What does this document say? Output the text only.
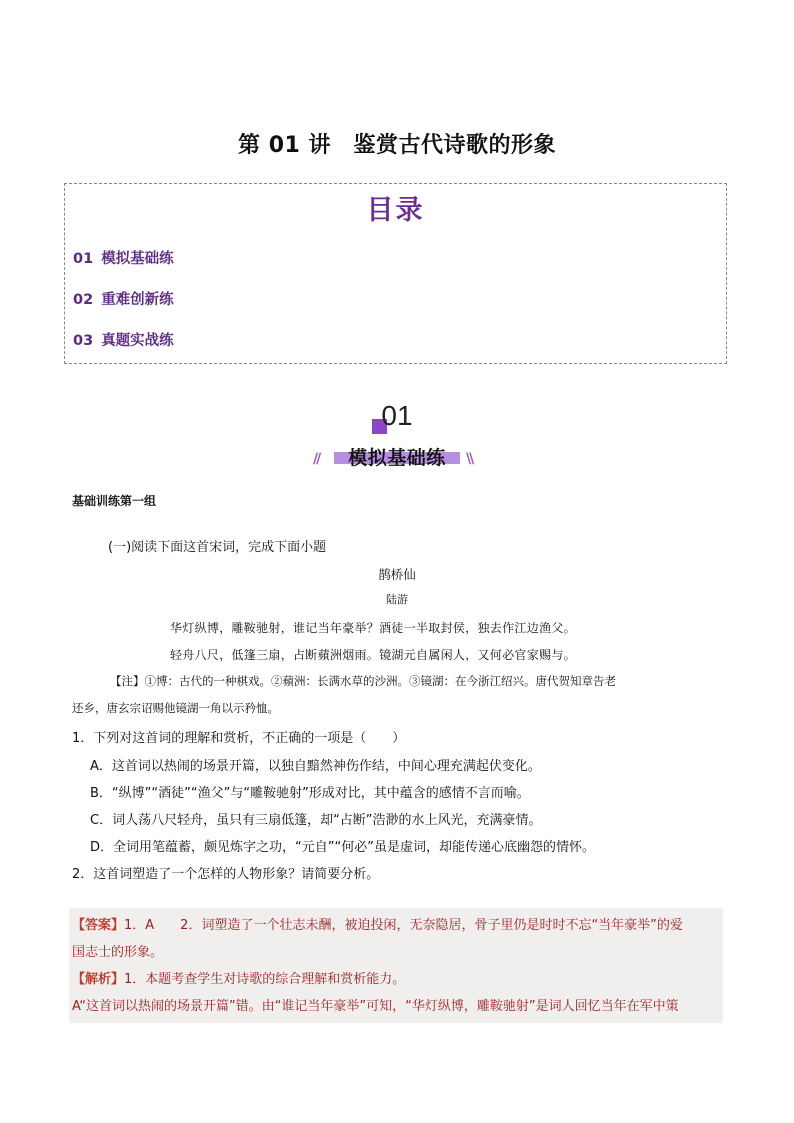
第 01 讲　鉴赏古代诗歌的形象
目录
01 模拟基础练
02 重难创新练
03 真题实战练
01
//	模拟基础练	\\
基础训练第一组
(一)阅读下面这首宋词，完成下面小题
鹊桥仙
陆游
华灯纵博，雕鞍驰射，谁记当年豪举？酒徒一半取封侯，独去作江边渔父。
轻舟八尺，低篷三扇，占断蘋洲烟雨。镜湖元自属闲人，又何必官家赐与。
【注】①博：古代的一种棋戏。②蘋洲：长满水草的沙洲。③镜湖：在今浙江绍兴。唐代贺知章告老
还乡，唐玄宗诏赐他镜湖一角以示矜恤。
1．下列对这首词的理解和赏析，不正确的一项是（　　）
A．这首词以热闹的场景开篇，以独自黯然神伤作结，中间心理充满起伏变化。
B．“纵博”“酒徒”“渔父”与“雕鞍驰射”形成对比，其中蕴含的感情不言而喻。
C．词人荡八尺轻舟，虽只有三扇低篷，却“占断”浩渺的水上风光，充满豪情。
D．全词用笔蕴蓄，颇见炼字之功，“元自”“何必”虽是虚词，却能传递心底幽怨的情怀。
2．这首词塑造了一个怎样的人物形象？请简要分析。
【答案】1．A　　2．词塑造了一个壮志未酬，被迫投闲，无奈隐居，骨子里仍是时时不忘“当年豪举”的爱
国志士的形象。
【解析】1．本题考查学生对诗歌的综合理解和赏析能力。
A“这首词以热闹的场景开篇”错。由“谁记当年豪举”可知，“华灯纵博，雕鞍驰射”是词人回忆当年在军中策
